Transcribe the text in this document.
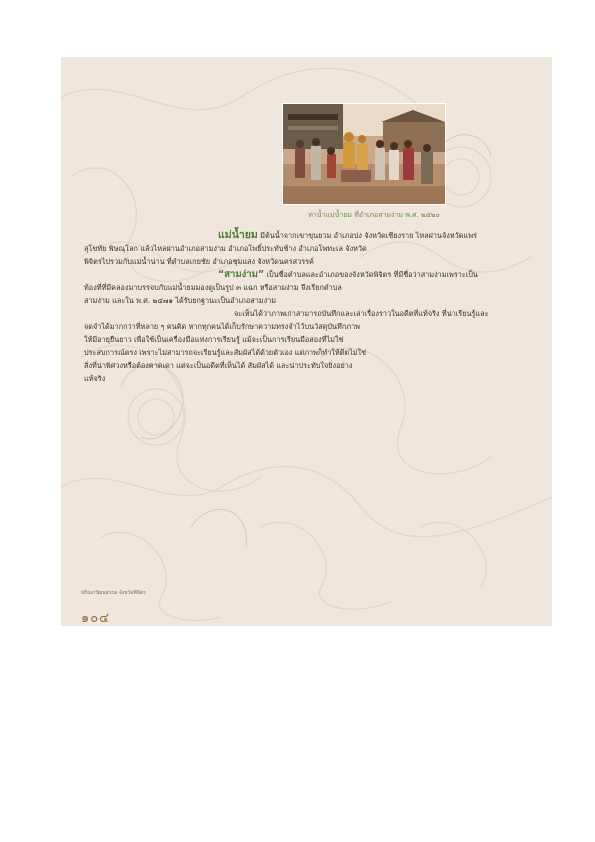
ท่าน้ำแม่น้ำยม ที่อำเภอสามง่าม พ.ศ. ๒๕๒๐

แม่น้ำยม มีต้นน้ำจากเขาขุนยวม อำเภอปง จังหวัดเชียงราย ไหลผ่านจังหวัดแพร่

สุโขทัย พิษณุโลก แล้วไหลผ่านอำเภอสามง่าม อำเภอโพธิ์ประทับช้าง อำเภอโพทะเล จังหวัด

พิจิตรไปรวมกับแม่น้ำน่าน ที่ตำบลเกยชัย อำเภอชุมแสง จังหวัดนครสวรรค์

“สามง่าม” เป็นชื่อตำบลและอำเภอของจังหวัดพิจิตร ที่มีชื่อว่าสามง่ามเพราะเป็น

ท้องที่ที่มีคลองมาบรรจบกับแม่น้ำยมมองดูเป็นรูป ๓ แฉก หรือสามง่าม จึงเรียกตำบล

สามง่าม และใน พ.ศ. ๒๔๗๑ ได้รับยกฐานะเป็นอำเภอสามง่าม

จะเห็นได้ว่าภาพเก่าสามารถบันทึกและเล่าเรื่องราวในอดีตที่แท้จริง ที่น่าเรียนรู้และ

จดจำได้มากกว่าที่หลาย ๆ คนคิด หากทุกคนได้เก็บรักษาความทรงจำไว้บนวัสดุบันทึกภาพ

ให้มีอายุยืนยาว เพื่อใช้เป็นเครื่องมือแห่งการเรียนรู้ แม้จะเป็นการเรียนมือสองที่ไม่ใช่

ประสบการณ์ตรง เพราะไม่สามารถจะเรียนรู้และสัมผัสได้ด้วยตัวเอง แต่ภาพก็ทำให้ตีตไม่ใช่

สิ่งที่น่าพิศวงหรือต้องคาดเดา แต่จะเป็นอดีตที่เห็นได้ สัมผัสได้ และน่าประทับใจยิ่งอย่าง

แท้จริง

ปกิณกวัฒนธรรม จังหวัดพิจิตร
๑๐๔
